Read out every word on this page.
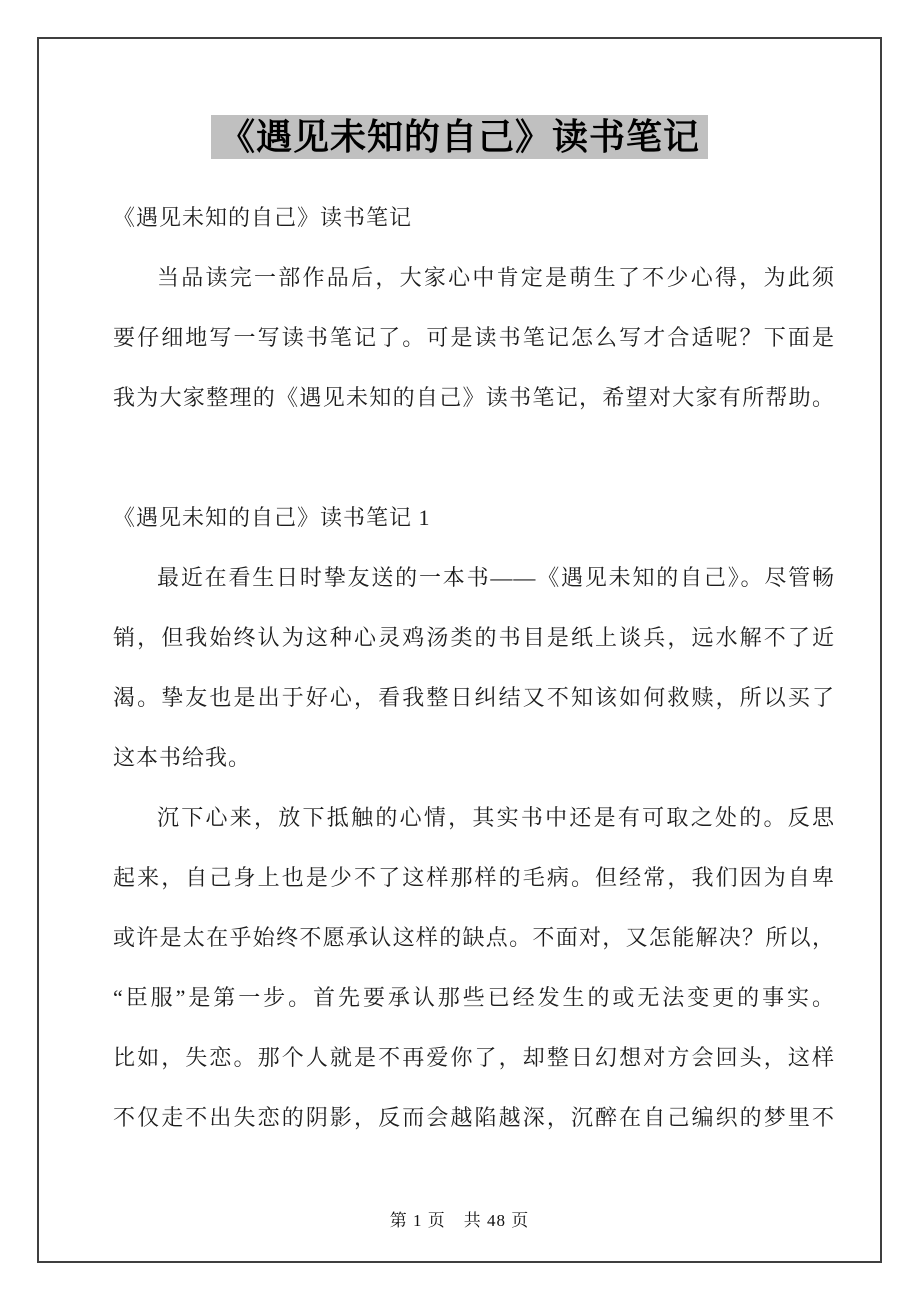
《遇见未知的自己》读书笔记
《遇见未知的自己》读书笔记
当品读完一部作品后，大家心中肯定是萌生了不少心得，为此须
要仔细地写一写读书笔记了。可是读书笔记怎么写才合适呢？下面是
我为大家整理的《遇见未知的自己》读书笔记，希望对大家有所帮助。
《遇见未知的自己》读书笔记 1
最近在看生日时挚友送的一本书——《遇见未知的自己》。尽管畅
销，但我始终认为这种心灵鸡汤类的书目是纸上谈兵，远水解不了近
渴。挚友也是出于好心，看我整日纠结又不知该如何救赎，所以买了
这本书给我。
沉下心来，放下抵触的心情，其实书中还是有可取之处的。反思
起来，自己身上也是少不了这样那样的毛病。但经常，我们因为自卑
或许是太在乎始终不愿承认这样的缺点。不面对，又怎能解决？所以，
“臣服”是第一步。首先要承认那些已经发生的或无法变更的事实。
比如，失恋。那个人就是不再爱你了，却整日幻想对方会回头，这样
不仅走不出失恋的阴影，反而会越陷越深，沉醉在自己编织的梦里不
第 1 页 共 48 页
